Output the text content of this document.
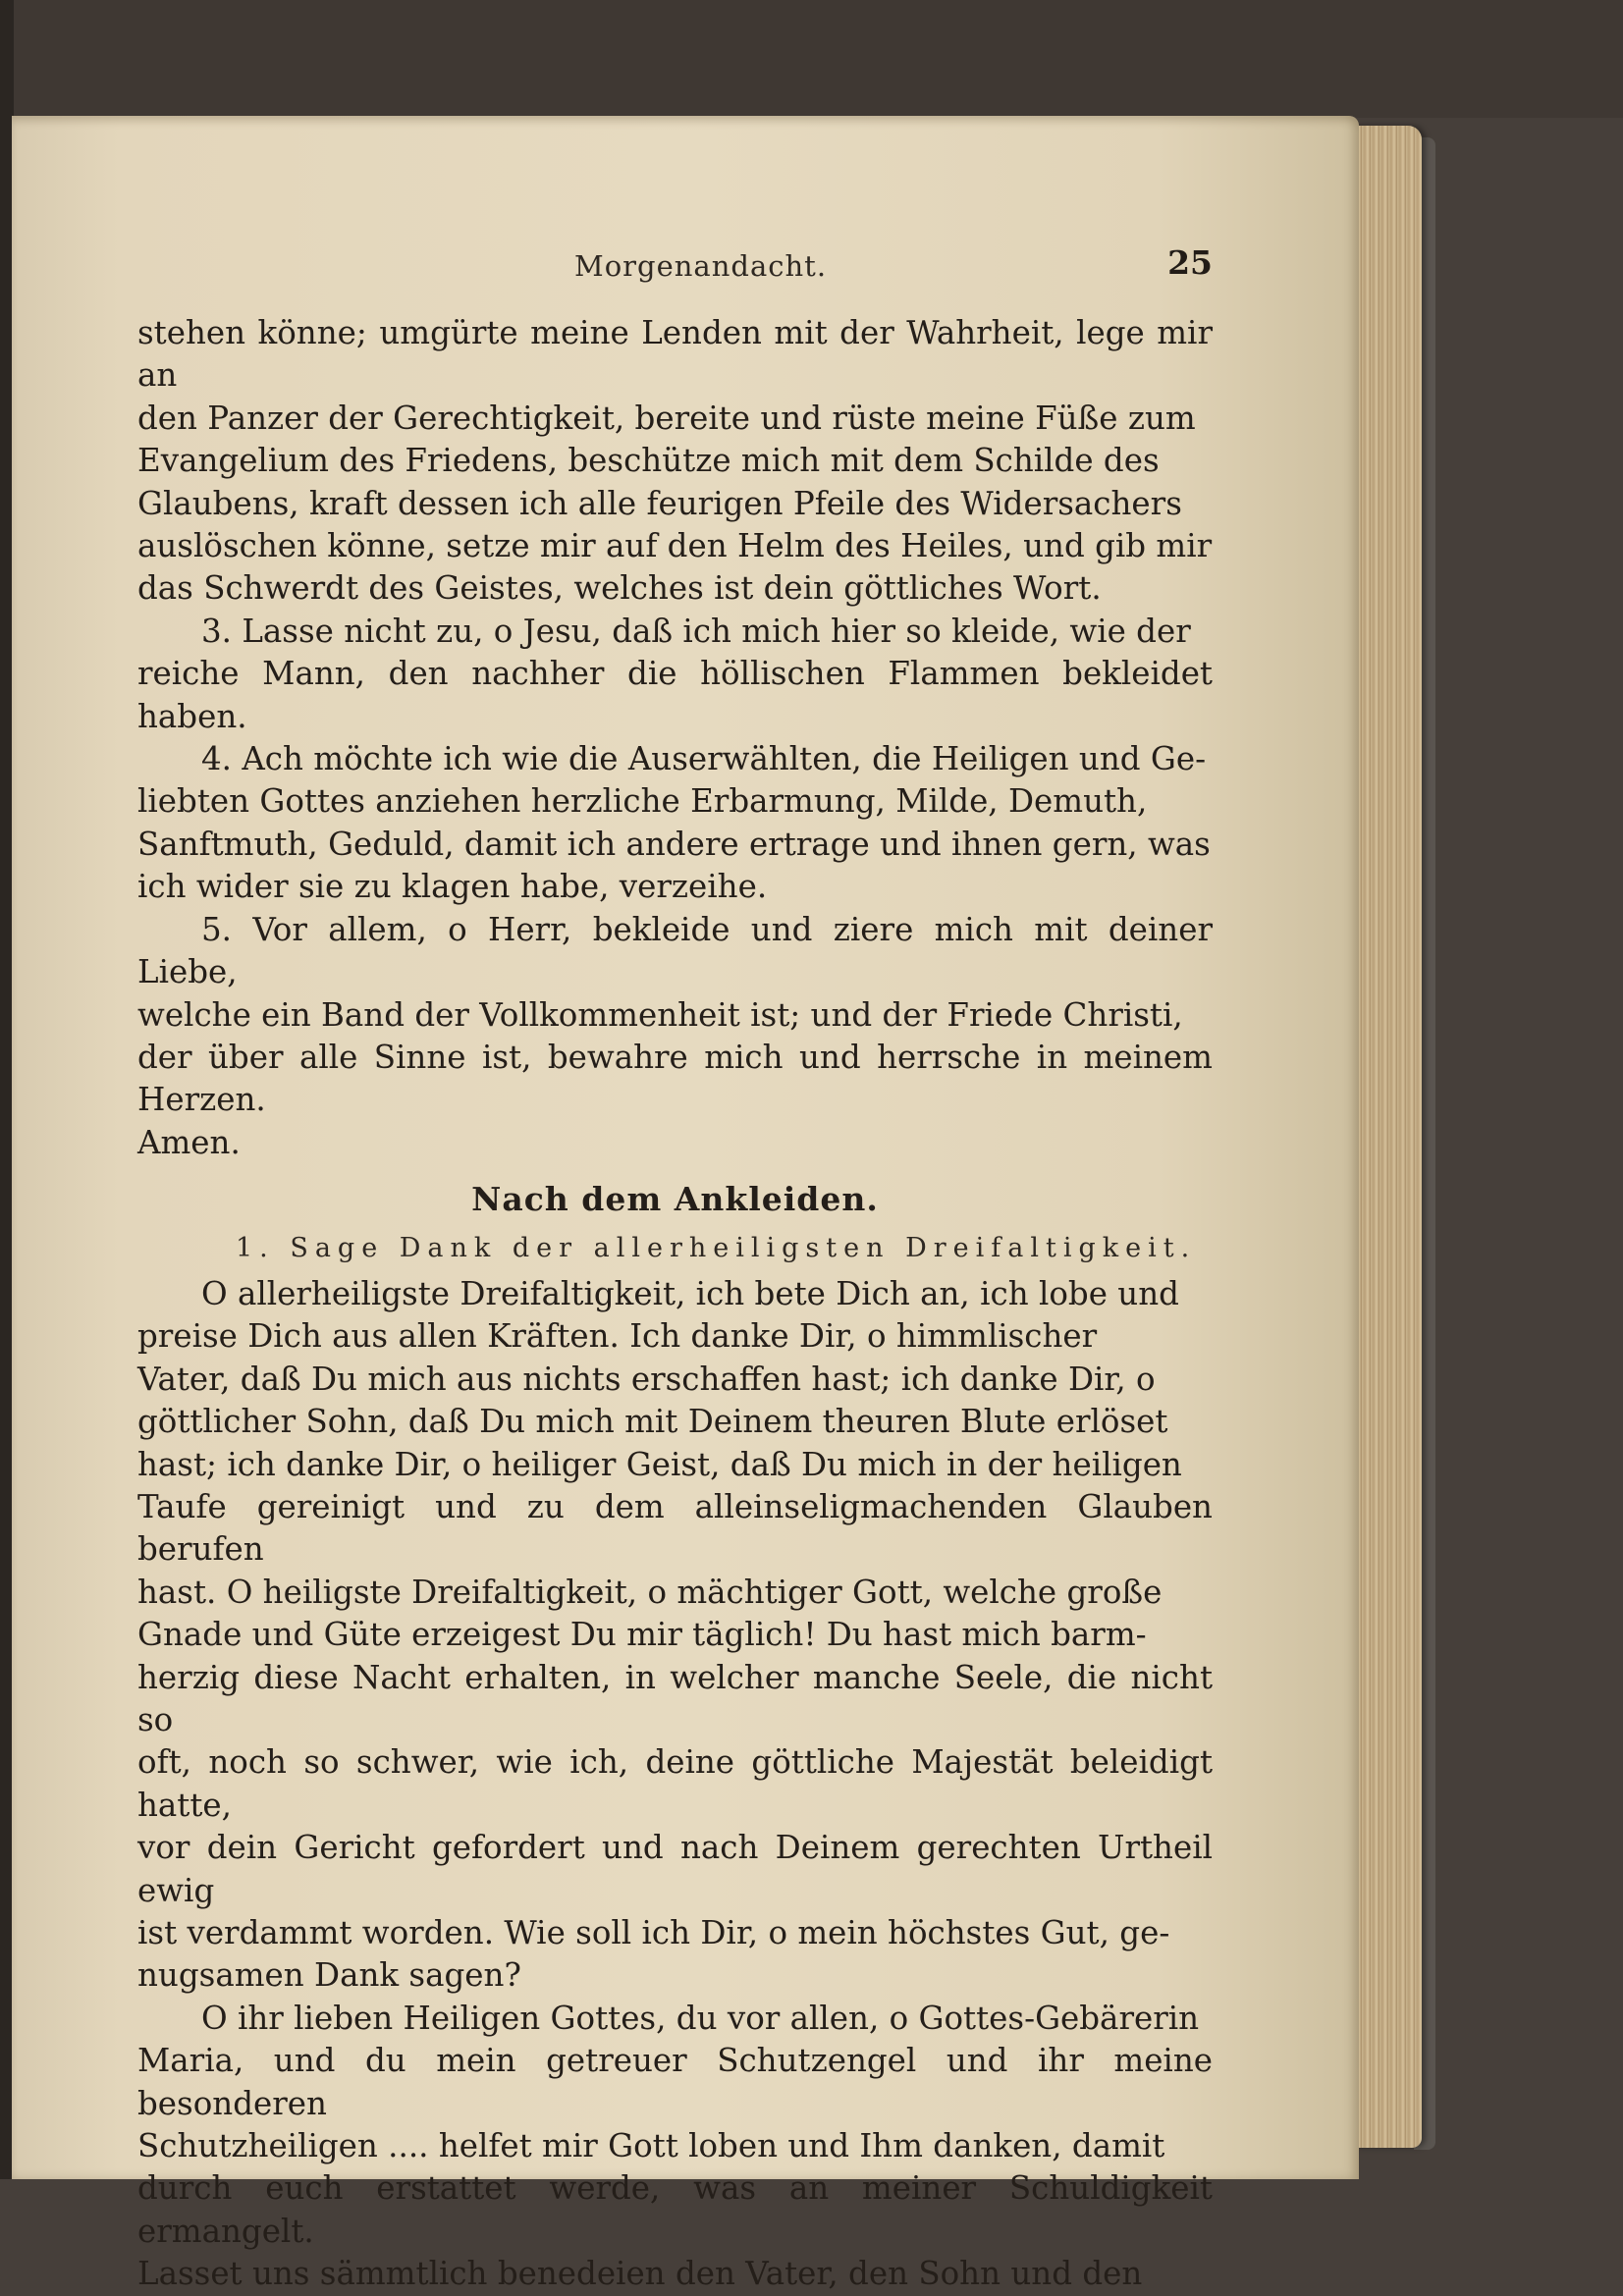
Morgenandacht.	25

stehen könne; umgürte meine Lenden mit der Wahrheit, lege mir an
den Panzer der Gerechtigkeit, bereite und rüste meine Füße zum
Evangelium des Friedens, beschütze mich mit dem Schilde des
Glaubens, kraft dessen ich alle feurigen Pfeile des Widersachers
auslöschen könne, setze mir auf den Helm des Heiles, und gib mir
das Schwerdt des Geistes, welches ist dein göttliches Wort.

3. Lasse nicht zu, o Jesu, daß ich mich hier so kleide, wie der
reiche Mann, den nachher die höllischen Flammen bekleidet haben.

4. Ach möchte ich wie die Auserwählten, die Heiligen und Ge-
liebten Gottes anziehen herzliche Erbarmung, Milde, Demuth,
Sanftmuth, Geduld, damit ich andere ertrage und ihnen gern, was
ich wider sie zu klagen habe, verzeihe.

5. Vor allem, o Herr, bekleide und ziere mich mit deiner Liebe,
welche ein Band der Vollkommenheit ist; und der Friede Christi,
der über alle Sinne ist, bewahre mich und herrsche in meinem Herzen.
Amen.

Nach dem Ankleiden.
1. Sage Dank der allerheiligsten Dreifaltigkeit.

O allerheiligste Dreifaltigkeit, ich bete Dich an, ich lobe und
preise Dich aus allen Kräften. Ich danke Dir, o himmlischer
Vater, daß Du mich aus nichts erschaffen hast; ich danke Dir, o
göttlicher Sohn, daß Du mich mit Deinem theuren Blute erlöset
hast; ich danke Dir, o heiliger Geist, daß Du mich in der heiligen
Taufe gereinigt und zu dem alleinseligmachenden Glauben berufen
hast. O heiligste Dreifaltigkeit, o mächtiger Gott, welche große
Gnade und Güte erzeigest Du mir täglich! Du hast mich barm-
herzig diese Nacht erhalten, in welcher manche Seele, die nicht so
oft, noch so schwer, wie ich, deine göttliche Majestät beleidigt hatte,
vor dein Gericht gefordert und nach Deinem gerechten Urtheil ewig
ist verdammt worden. Wie soll ich Dir, o mein höchstes Gut, ge-
nugsamen Dank sagen?

O ihr lieben Heiligen Gottes, du vor allen, o Gottes-Gebärerin
Maria, und du mein getreuer Schutzengel und ihr meine besonderen
Schutzheiligen .... helfet mir Gott loben und Ihm danken, damit
durch euch erstattet werde, was an meiner Schuldigkeit ermangelt.
Lasset uns sämmtlich benedeien den Vater, den Sohn und den
